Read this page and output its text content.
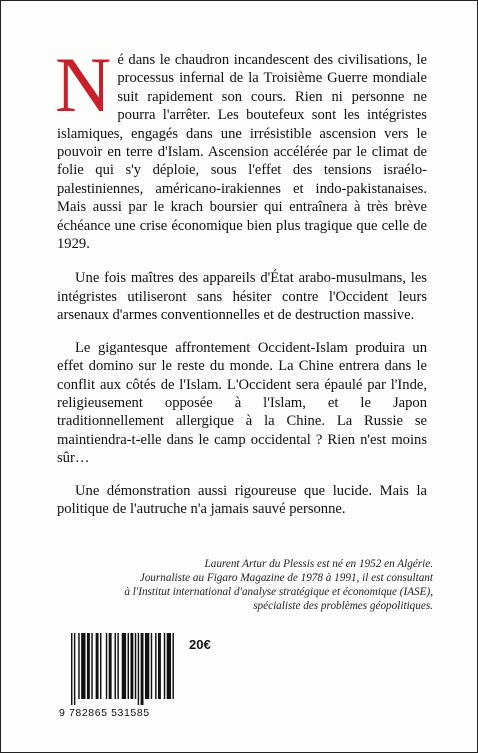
Né dans le chaudron incandescent des civilisations, le processus infernal de la Troisième Guerre mondiale suit rapidement son cours. Rien ni personne ne pourra l'arrêter. Les boutefeux sont les intégristes islamiques, engagés dans une irrésistible ascension vers le pouvoir en terre d'Islam. Ascension accélérée par le climat de folie qui s'y déploie, sous l'effet des tensions israélo-palestiniennes, américano-irakiennes et indo-pakistanaises. Mais aussi par le krach boursier qui entraînera à très brève échéance une crise économique bien plus tragique que celle de 1929.

Une fois maîtres des appareils d'État arabo-musulmans, les intégristes utiliseront sans hésiter contre l'Occident leurs arsenaux d'armes conventionnelles et de destruction massive.

Le gigantesque affrontement Occident-Islam produira un effet domino sur le reste du monde. La Chine entrera dans le conflit aux côtés de l'Islam. L'Occident sera épaulé par l'Inde, religieusement opposée à l'Islam, et le Japon traditionnellement allergique à la Chine. La Russie se maintiendra-t-elle dans le camp occidental ? Rien n'est moins sûr…

Une démonstration aussi rigoureuse que lucide. Mais la politique de l'autruche n'a jamais sauvé personne.

Laurent Artur du Plessis est né en 1952 en Algérie.
Journaliste au Figaro Magazine de 1978 à 1991, il est consultant
à l'Institut international d'analyse stratégique et économique (IASE),
spécialiste des problèmes géopolitiques.
9 782865 531585
20€
